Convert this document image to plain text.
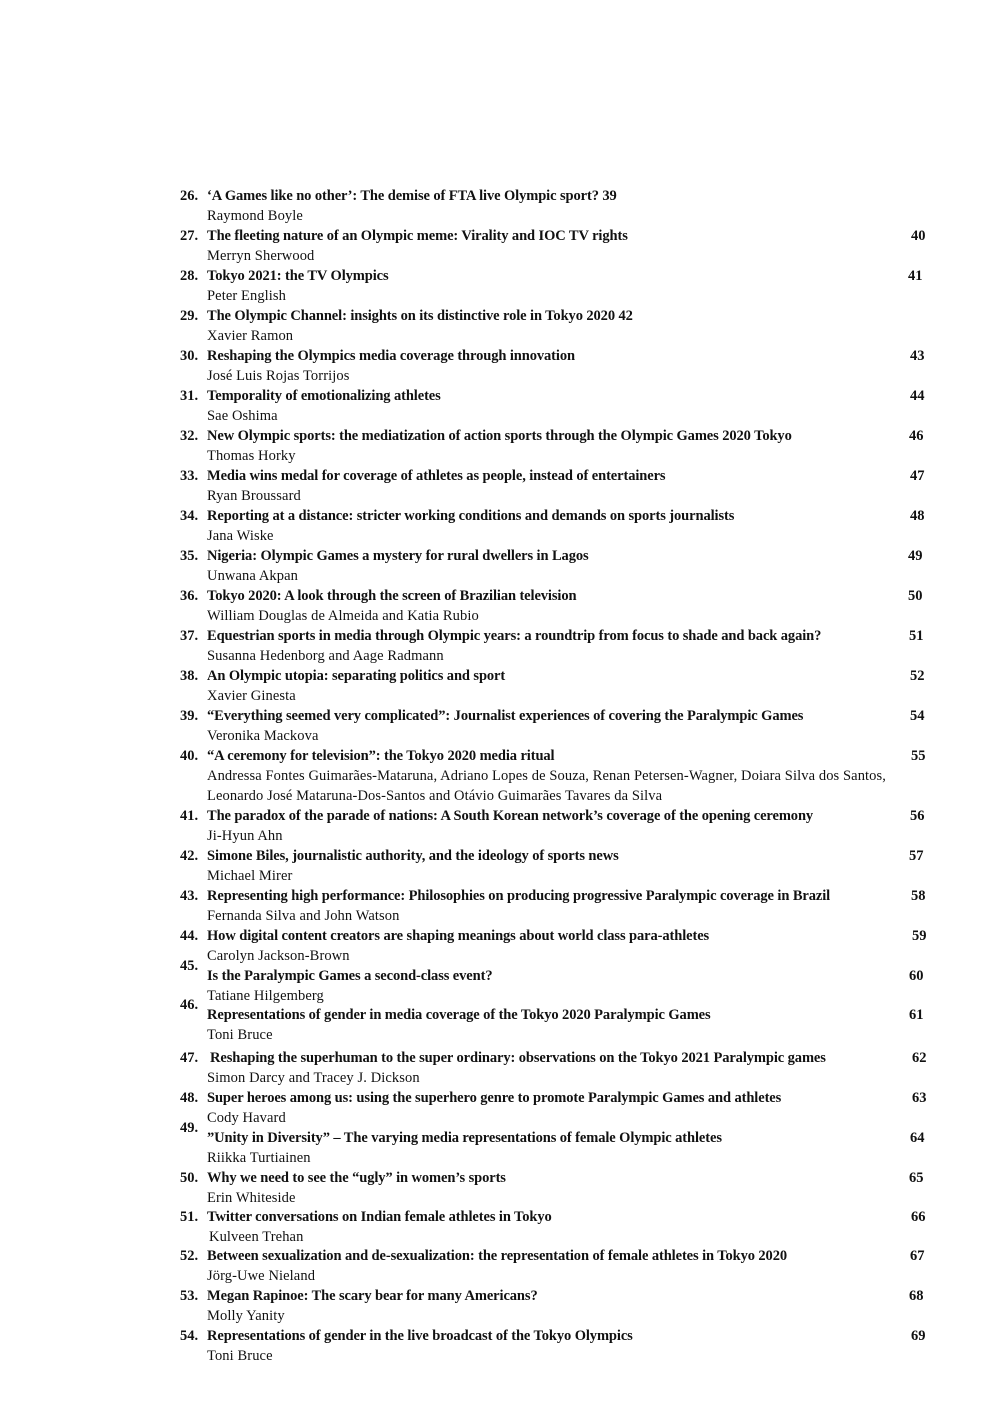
26. ‘A Games like no other’: The demise of FTA live Olympic sport? 39
Raymond Boyle
27. The fleeting nature of an Olympic meme: Virality and IOC TV rights	40
Merryn Sherwood
28. Tokyo 2021: the TV Olympics	41
Peter English
29. The Olympic Channel: insights on its distinctive role in Tokyo 2020 42
Xavier Ramon
30. Reshaping the Olympics media coverage through innovation	43
José Luis Rojas Torrijos
31. Temporality of emotionalizing athletes	44
Sae Oshima
32. New Olympic sports: the mediatization of action sports through the Olympic Games 2020 Tokyo	46
Thomas Horky
33. Media wins medal for coverage of athletes as people, instead of entertainers	47
Ryan Broussard
34. Reporting at a distance: stricter working conditions and demands on sports journalists	48
Jana Wiske
35. Nigeria: Olympic Games a mystery for rural dwellers in Lagos	49
Unwana Akpan
36. Tokyo 2020: A look through the screen of Brazilian television	50
William Douglas de Almeida and Katia Rubio
37. Equestrian sports in media through Olympic years: a roundtrip from focus to shade and back again?	51
Susanna Hedenborg and Aage Radmann
38. An Olympic utopia: separating politics and sport	52
Xavier Ginesta
39. “Everything seemed very complicated”: Journalist experiences of covering the Paralympic Games	54
Veronika Mackova
40. “A ceremony for television”: the Tokyo 2020 media ritual	55
Andressa Fontes Guimarães-Mataruna, Adriano Lopes de Souza, Renan Petersen-Wagner, Doiara Silva dos Santos, Leonardo José Mataruna-Dos-Santos and Otávio Guimarães Tavares da Silva
41. The paradox of the parade of nations: A South Korean network’s coverage of the opening ceremony	56
Ji-Hyun Ahn
42. Simone Biles, journalistic authority, and the ideology of sports news	57
Michael Mirer
43. Representing high performance: Philosophies on producing progressive Paralympic coverage in Brazil	58
Fernanda Silva and John Watson
44. How digital content creators are shaping meanings about world class para-athletes	59
Carolyn Jackson-Brown
45.
Is the Paralympic Games a second-class event?	60
Tatiane Hilgemberg
46.
Representations of gender in media coverage of the Tokyo 2020 Paralympic Games	61
Toni Bruce
47. Reshaping the superhuman to the super ordinary: observations on the Tokyo 2021 Paralympic games	62
Simon Darcy and Tracey J. Dickson
48. Super heroes among us: using the superhero genre to promote Paralympic Games and athletes	63
Cody Havard
49.
”Unity in Diversity” – The varying media representations of female Olympic athletes	64
Riikka Turtiainen
50. Why we need to see the “ugly” in women’s sports	65
Erin Whiteside
51. Twitter conversations on Indian female athletes in Tokyo	66
Kulveen Trehan
52. Between sexualization and de-sexualization: the representation of female athletes in Tokyo 2020	67
Jörg-Uwe Nieland
53. Megan Rapinoe: The scary bear for many Americans?	68
Molly Yanity
54. Representations of gender in the live broadcast of the Tokyo Olympics	69
Toni Bruce
